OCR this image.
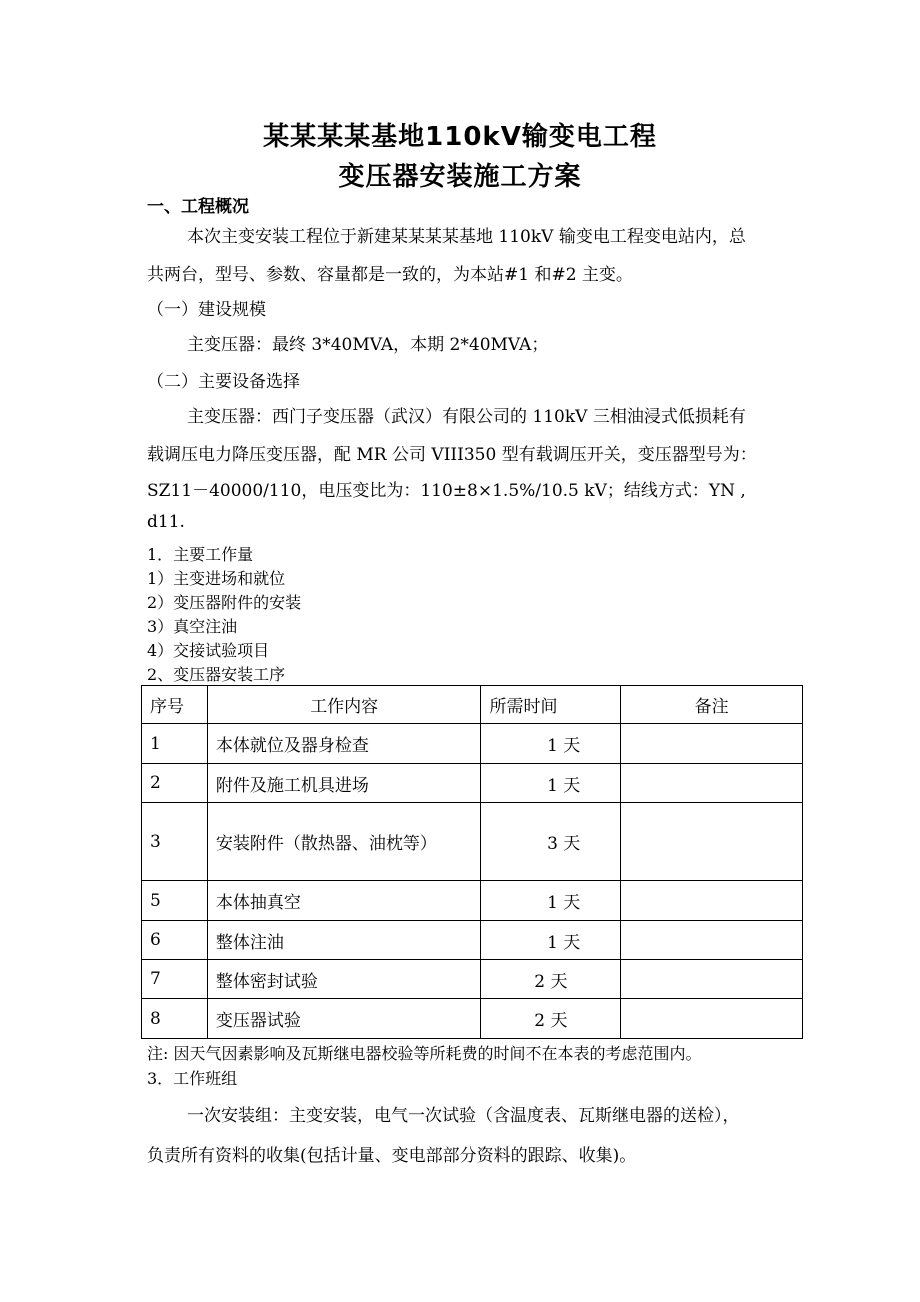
某某某某基地110kV输变电工程
变压器安装施工方案
一、工程概况
本次主变安装工程位于新建某某某某基地 110kV 输变电工程变电站内，总
共两台，型号、参数、容量都是一致的，为本站#1 和#2 主变。
（一）建设规模
主变压器：最终 3*40MVA，本期 2*40MVA；
（二）主要设备选择
主变压器：西门子变压器（武汉）有限公司的 110kV 三相油浸式低损耗有
载调压电力降压变压器，配 MR 公司 VIII350 型有载调压开关，变压器型号为：
SZ11－40000/110，电压变比为：110±8×1.5%/10.5 kV；结线方式：YN ,
d11.
1．主要工作量
1）主变进场和就位
2）变压器附件的安装
3）真空注油
4）交接试验项目
2、变压器安装工序
序号	工作内容	所需时间	备注
1	本体就位及器身检查	1 天	
2	附件及施工机具进场	1 天	
3	安装附件（散热器、油枕等）	3 天	
5	本体抽真空	1 天	
6	整体注油	1 天	
7	整体密封试验	2 天	
8	变压器试验	2 天	
注: 因天气因素影响及瓦斯继电器校验等所耗费的时间不在本表的考虑范围内。
3．工作班组
一次安装组：主变安装，电气一次试验（含温度表、瓦斯继电器的送检），
负责所有资料的收集(包括计量、变电部部分资料的跟踪、收集)。
